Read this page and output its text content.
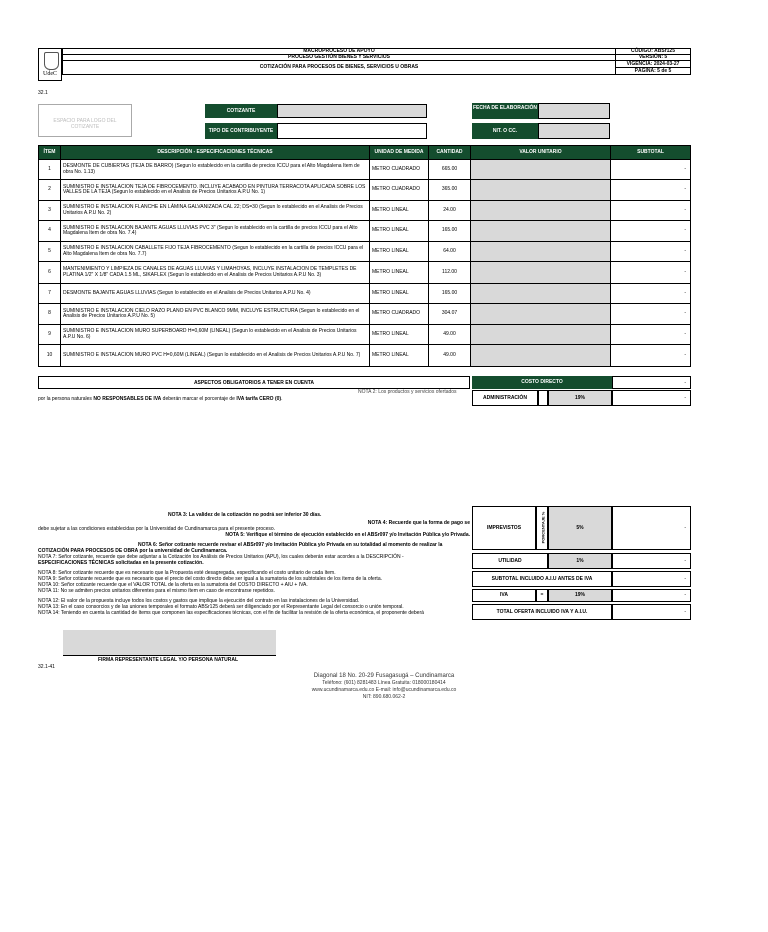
UdeC
MACROPROCESO DE APOYO	CÓDIGO: ABSr125
PROCESO GESTIÓN BIENES Y SERVICIOS	VERSIÓN: 5
COTIZACIÓN PARA PROCESOS DE BIENES, SERVICIOS U OBRAS	VIGENCIA: 2024-03-27
	PÁGINA: 5 de 5
32.1
ESPACIO PARA LOGO DEL COTIZANTE
COTIZANTE
TIPO DE CONTRIBUYENTE
FECHA DE ELABORACIÓN
NIT. O CC.
ÍTEM	DESCRIPCIÓN - ESPECIFICACIONES TÉCNICAS	UNIDAD DE MEDIDA	CANTIDAD	VALOR UNITARIO	SUBTOTAL
1	DESMONTE DE CUBIERTAS (TEJA DE BARRO) (Segun lo establecido en la cartilla de precios ICCU para el Alto Magdalena Item de obra No. 1.13)	METRO CUADRADO	665.00		-
2	SUMINISTRO E INSTALACION TEJA DE FIBROCEMENTO. INCLUYE ACABADO EN PINTURA TERRACOTA APLICADA SOBRE LOS VALLES DE LA TEJA (Segun lo establecido en el Analisis de Precios Unitarios A.P.U No. 1)	METRO CUADRADO	365.00		-
3	SUMINISTRO E INSTALACION FLANCHE EN LÁMINA GALVANIZADA CAL 22; DS=30 (Segun lo establecido en el Analisis de Precios Unitarios A.P.U No. 2)	METRO LINEAL	24.00		-
4	SUMINISTRO E INSTALACION BAJANTE AGUAS LLUVIAS PVC 3" (Segun lo establecido en la cartilla de precios ICCU para el Alto Magdalena Item de obra No. 7.4)	METRO LINEAL	165.00		-
5	SUMINISTRO E INSTALACION CABALLETE FIJO TEJA FIBROCEMENTO (Segun lo establecido en la cartilla de precios ICCU para el Alto Magdalena Item de obra No. 7.7)	METRO LINEAL	64.00		-
6	MANTENIMIENTO Y LIMPIEZA DE CANALES DE AGUAS LLUVIAS Y LIMAHOYAS, INCLUYE INSTALACION DE TEMPLETES DE PLATINA 1/2" X 1/8" CADA 1.5 ML, SIKAFLEX (Segun lo establecido en el Analisis de Precios Unitarios A.P.U No. 3)	METRO LINEAL	112.00		-
7	DESMONTE BAJANTE AGUAS LLUVIAS (Segun lo establecido en el Analisis de Precios Unitarios A.P.U No. 4)	METRO LINEAL	165.00		-
8	SUMINISTRO E INSTALACION CIELO RAZO PLANO EN PVC BLANCO 9MM, INCLUYE ESTRUCTURA (Segun lo establecido en el Analisis de Precios Unitarios A.P.U No. 5)	METRO CUADRADO	304.07		-
9	SUMINISTRO E INSTALACION MURO SUPERBOARD H=0,60M (LINEAL) (Segun lo establecido en el Analisis de Precios Unitarios A.P.U No. 6)	METRO LINEAL	49.00		-
10	SUMINISTRO E INSTALACION MURO PVC H=0,60M (LINEAL) (Segun lo establecido en el Analisis de Precios Unitarios A.P.U No. 7)	METRO LINEAL	49.00		-
ASPECTOS OBLIGATORIOS A TENER EN CUENTA	COSTO DIRECTO	-
NOTA 2: Los productos y servicios ofertados
por la persona naturales NO RESPONSABLES DE IVA deberán marcar el porcentaje de IVA tarifa CERO (0).	ADMINISTRACIÓN	19%	-
NOTA 3: La validez de la cotización no podrá ser inferior 30 días.
NOTA 4: Recuerde que la forma de pago se
debe sujetar a las condiciones establecidas por la Universidad de Cundinamarca para el presente proceso.
NOTA 5: Verifique el término de ejecución establecido en el ABSr097 y/o Invitación Pública y/o Privada.
NOTA 6: Señor cotizante recuerde revisar el ABSr097 y/o Invitación Pública y/o Privada en su totalidad al momento de realizar la
COTIZACIÓN PARA PROCESOS DE OBRA por la universidad de Cundinamarca.
NOTA 7: Señor cotizante, recuerde que debe adjuntar a la Cotización los Análisis de Precios Unitarios (APU), los cuales deberán estar acordes a la DESCRIPCIÓN -
ESPECIFICACIONES TÉCNICAS solicitadas en la presente cotización.
NOTA 8: Señor cotizante recuerde que es necesario que la Propuesta esté desagregada, especificando el costo unitario de cada ítem.
NOTA 9: Señor cotizante recuerde que es necesario que el precio del costo directo debe ser igual a la sumatoria de los subtotales de los ítems de la oferta.
NOTA 10: Señor cotizante recuerde que el VALOR TOTAL de la oferta es la sumatoria del COSTO DIRECTO + AIU + IVA.
NOTA 11: No se admiten precios unitarios diferentes para el mismo ítem en caso de encontrarse repetidos.
NOTA 12: El valor de la propuesta incluye todos los costos y gastos que implique la ejecución del contrato en las instalaciones de la Universidad.
NOTA 13: En el caso consorcios y de las uniones temporales el formato ABSr125 deberá ser diligenciado por el Representante Legal del consorcio o unión temporal.
NOTA 14: Teniendo en cuenta la cantidad de ítems que componen las especificaciones técnicas, con el fin de facilitar la revisión de la oferta económica, el proponente deberá
IMPREVISTOS	PORCENTAJE %	5%	-
UTILIDAD	1%	-
SUBTOTAL INCLUIDO A.I.U ANTES DE IVA	-
IVA	=	19%	-
TOTAL OFERTA INCLUIDO IVA Y A.I.U.	-
FIRMA REPRESENTANTE LEGAL Y/O PERSONA NATURAL
32.1-41
Diagonal 18 No. 20-29 Fusagasugá – Cundinamarca
Teléfono: (601) 8281483 Línea Gratuita: 018000180414
www.ucundinamarca.edu.co E-mail: info@ucundinamarca.edu.co
NIT: 890.680.062-2
